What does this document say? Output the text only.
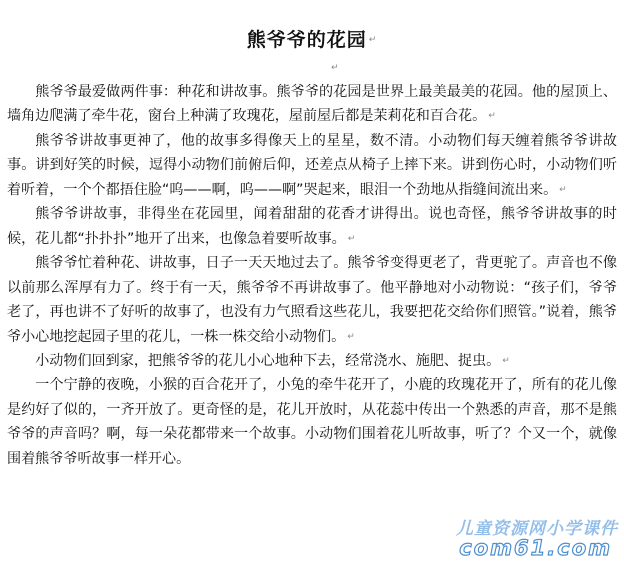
熊爷爷的花园 ↵
↵

熊爷爷最爱做两件事：种花和讲故事。熊爷爷的花园是世界上最美最美的花园。他的屋顶上、墙角边爬满了牵牛花，窗台上种满了玫瑰花，屋前屋后都是茉莉花和百合花。 ↵

熊爷爷讲故事更神了，他的故事多得像天上的星星，数不清。小动物们每天缠着熊爷爷讲故事。讲到好笑的时候，逗得小动物们前俯后仰，还差点从椅子上摔下来。讲到伤心时，小动物们听着听着，一个个都捂住脸“呜——啊，呜——啊”哭起来，眼泪一个劲地从指缝间流出来。 ↵

熊爷爷讲故事，非得坐在花园里，闻着甜甜的花香才讲得出。说也奇怪，熊爷爷讲故事的时候，花儿都“扑扑扑”地开了出来，也像急着要听故事。 ↵

熊爷爷忙着种花、讲故事，日子一天天地过去了。熊爷爷变得更老了，背更驼了。声音也不像以前那么浑厚有力了。终于有一天，熊爷爷不再讲故事了。他平静地对小动物说：“孩子们，爷爷老了，再也讲不了好听的故事了，也没有力气照看这些花儿，我要把花交给你们照管。”说着，熊爷爷小心地挖起园子里的花儿，一株一株交给小动物们。 ↵

小动物们回到家，把熊爷爷的花儿小心地种下去，经常浇水、施肥、捉虫。 ↵

一个宁静的夜晚，小猴的百合花开了，小兔的牵牛花开了，小鹿的玫瑰花开了，所有的花儿像是约好了似的，一齐开放了。更奇怪的是，花儿开放时，从花蕊中传出一个熟悉的声音，那不是熊爷爷的声音吗？啊，每一朵花都带来一个故事。小动物们围着花儿听故事，听了？个又一个，就像围着熊爷爷听故事一样开心。

儿童资源网小学课件
com61.com
